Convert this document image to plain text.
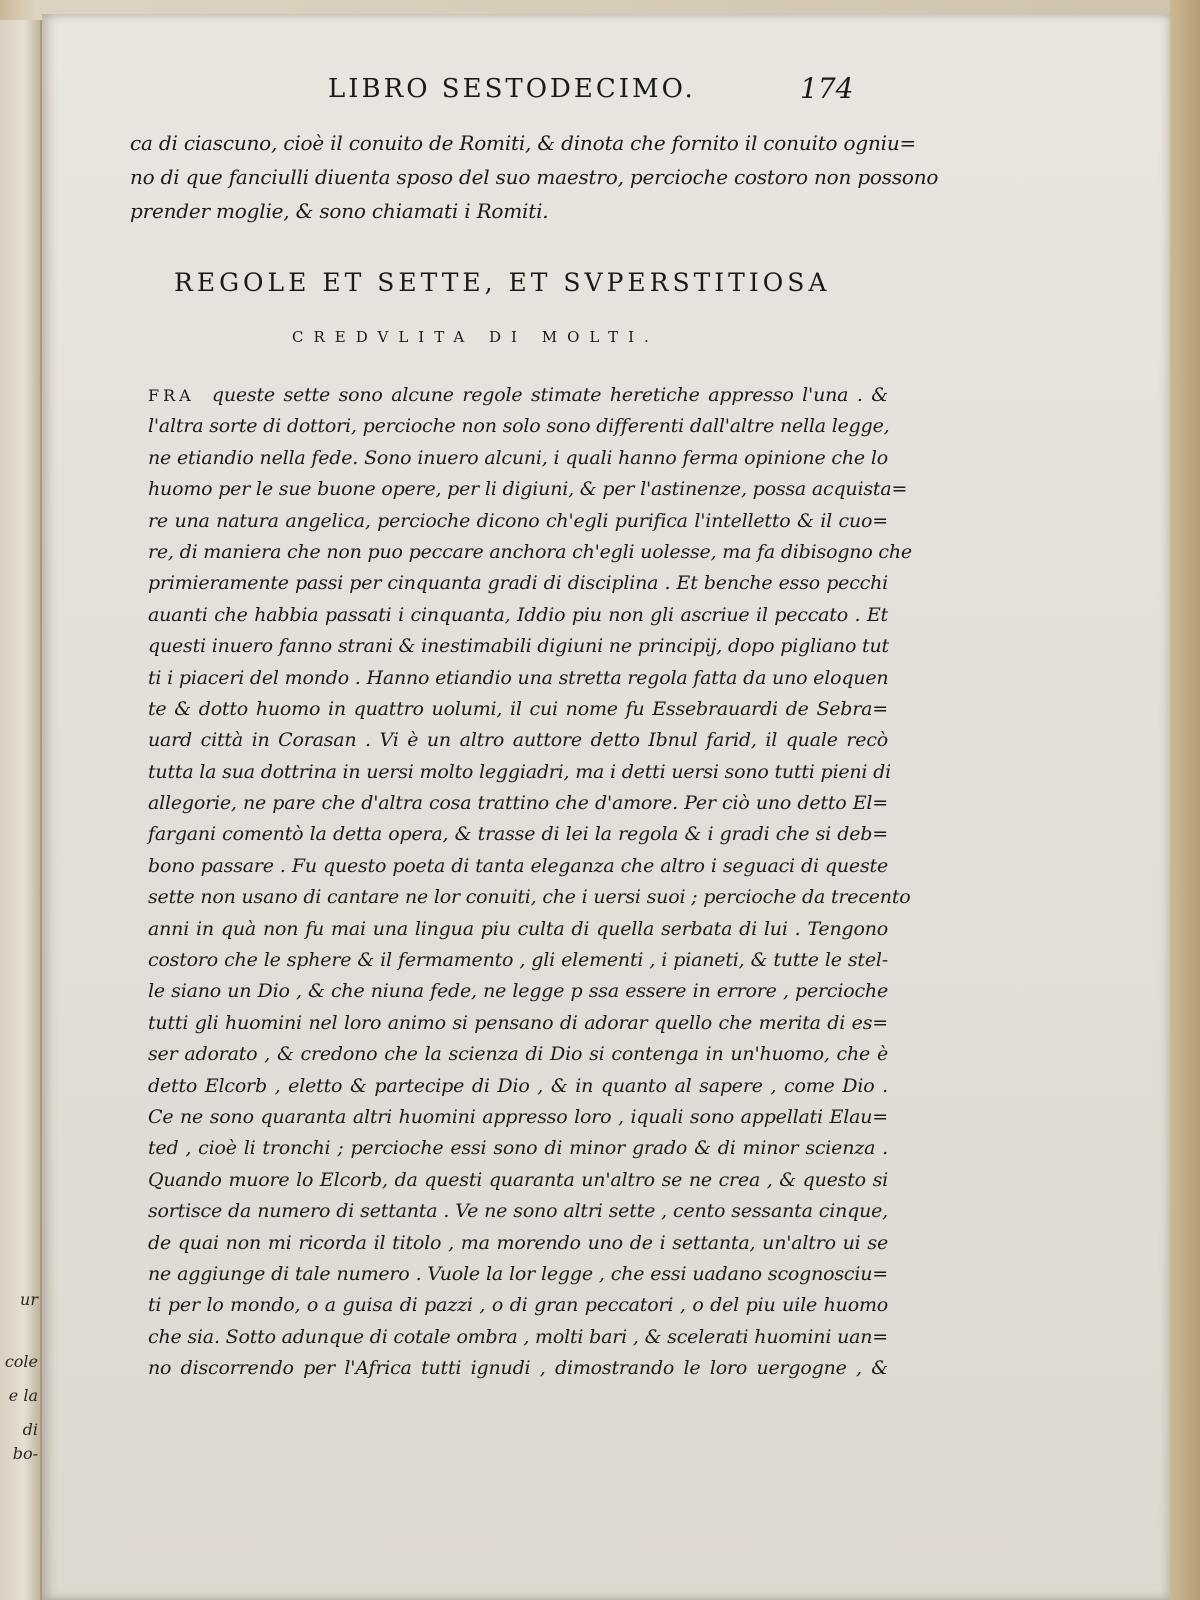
ur
cole
e la
di bo-
LIBRO SESTODECIMO.	174
ca di ciascuno, cioè il conuito de Romiti, & dinota che fornito il conuito ogniu=
no di que fanciulli diuenta sposo del suo maestro, percioche costoro non possono
prender moglie, & sono chiamati i Romiti.
REGOLE ET SETTE, ET SVPERSTITIOSA
CREDVLITA DI MOLTI.
FRA queste sette sono alcune regole stimate heretiche appresso l'una . &
l'altra sorte di dottori, percioche non solo sono differenti dall'altre nella legge,
ne etiandio nella fede. Sono inuero alcuni, i quali hanno ferma opinione che lo
huomo per le sue buone opere, per li digiuni, & per l'astinenze, possa acquista=
re una natura angelica, percioche dicono ch'egli purifica l'intelletto & il cuo=
re, di maniera che non puo peccare anchora ch'egli uolesse, ma fa dibisogno che
primieramente passi per cinquanta gradi di disciplina . Et benche esso pecchi
auanti che habbia passati i cinquanta, Iddio piu non gli ascriue il peccato . Et
questi inuero fanno strani & inestimabili digiuni ne principij, dopo pigliano tut
ti i piaceri del mondo . Hanno etiandio una stretta regola fatta da uno eloquen
te & dotto huomo in quattro uolumi, il cui nome fu Essebrauardi de Sebra=
uard città in Corasan . Vi è un altro auttore detto Ibnul farid, il quale recò
tutta la sua dottrina in uersi molto leggiadri, ma i detti uersi sono tutti pieni di
allegorie, ne pare che d'altra cosa trattino che d'amore. Per ciò uno detto El=
fargani comentò la detta opera, & trasse di lei la regola & i gradi che si deb=
bono passare . Fu questo poeta di tanta eleganza che altro i seguaci di queste
sette non usano di cantare ne lor conuiti, che i uersi suoi ; percioche da trecento
anni in quà non fu mai una lingua piu culta di quella serbata di lui . Tengono
costoro che le sphere & il fermamento , gli elementi , i pianeti, & tutte le stel-
le siano un Dio , & che niuna fede, ne legge p ssa essere in errore , percioche
tutti gli huomini nel loro animo si pensano di adorar quello che merita di es=
ser adorato , & credono che la scienza di Dio si contenga in un'huomo, che è
detto Elcorb , eletto & partecipe di Dio , & in quanto al sapere , come Dio .
Ce ne sono quaranta altri huomini appresso loro , iquali sono appellati Elau=
ted , cioè li tronchi ; percioche essi sono di minor grado & di minor scienza .
Quando muore lo Elcorb, da questi quaranta un'altro se ne crea , & questo si
sortisce da numero di settanta . Ve ne sono altri sette , cento sessanta cinque,
de quai non mi ricorda il titolo , ma morendo uno de i settanta, un'altro ui se
ne aggiunge di tale numero . Vuole la lor legge , che essi uadano scognosciu=
ti per lo mondo, o a guisa di pazzi , o di gran peccatori , o del piu uile huomo
che sia. Sotto adunque di cotale ombra , molti bari , & scelerati huomini uan=
no discorrendo per l'Africa tutti ignudi , dimostrando le loro uergogne , &
